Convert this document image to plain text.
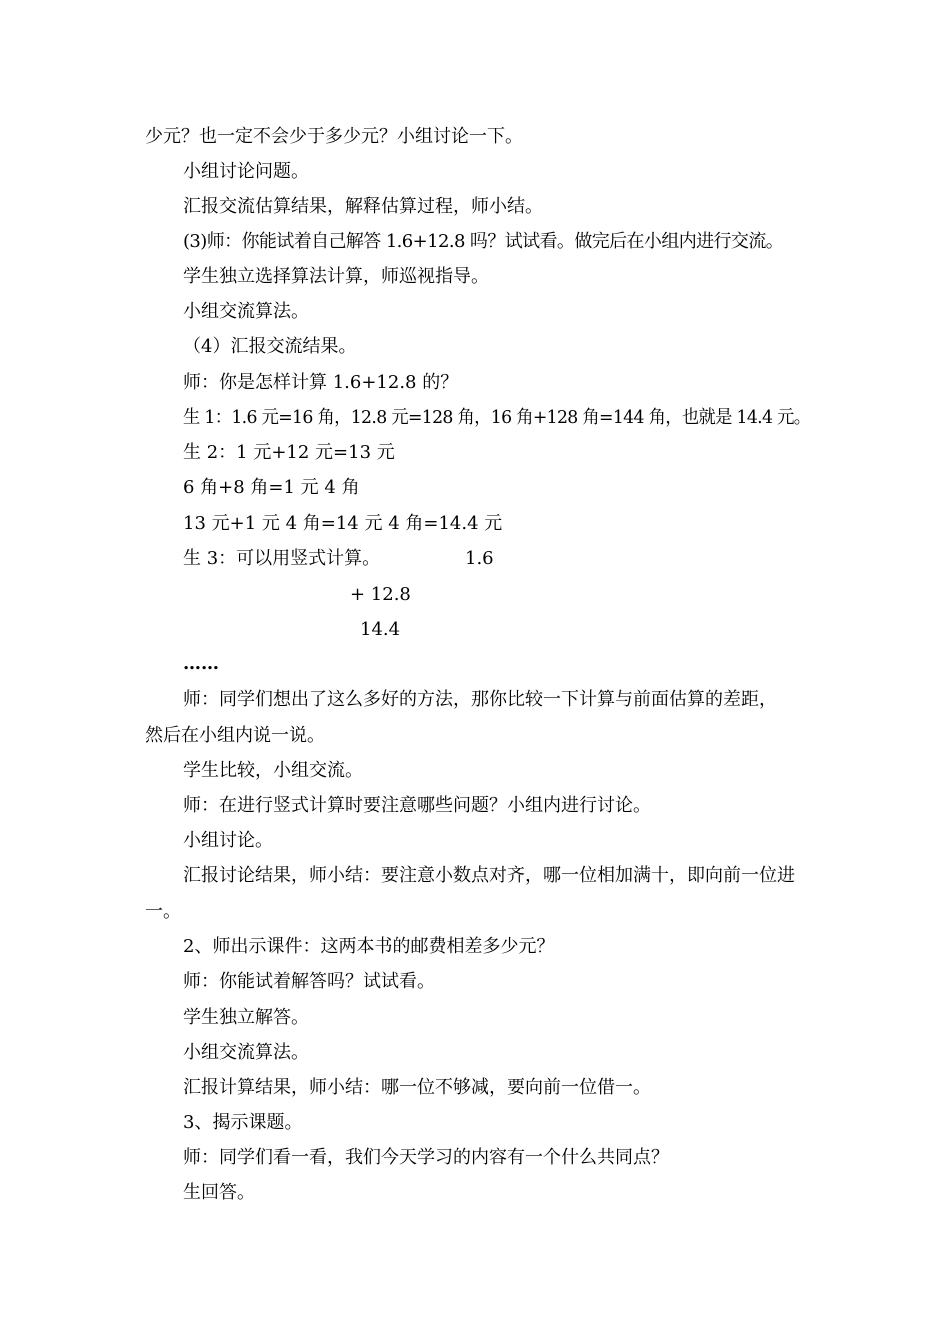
少元？也一定不会少于多少元？小组讨论一下。
小组讨论问题。
汇报交流估算结果，解释估算过程，师小结。
(3)师：你能试着自己解答 1.6+12.8 吗？试试看。做完后在小组内进行交流。
学生独立选择算法计算，师巡视指导。
小组交流算法。
（4）汇报交流结果。
师：你是怎样计算 1.6+12.8 的？
生 1：1.6 元=16 角，12.8 元=128 角，16 角+128 角=144 角，也就是 14.4 元。
生 2：1 元+12 元=13 元
6 角+8 角=1 元 4 角
13 元+1 元 4 角=14 元 4 角=14.4 元
生 3：可以用竖式计算。	1.6
+ 12.8
14.4
……
师：同学们想出了这么多好的方法，那你比较一下计算与前面估算的差距，
然后在小组内说一说。
学生比较，小组交流。
师：在进行竖式计算时要注意哪些问题？小组内进行讨论。
小组讨论。
汇报讨论结果，师小结：要注意小数点对齐，哪一位相加满十，即向前一位进
一。
2、师出示课件：这两本书的邮费相差多少元？
师：你能试着解答吗？试试看。
学生独立解答。
小组交流算法。
汇报计算结果，师小结：哪一位不够减，要向前一位借一。
3、揭示课题。
师：同学们看一看，我们今天学习的内容有一个什么共同点？
生回答。
